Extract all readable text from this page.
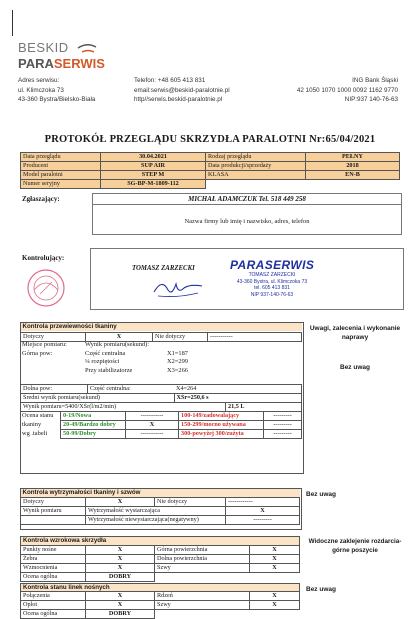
BESKID
PARASERWIS
Adres serwisu:
ul. Klimczoka 73
43-360 Bystra/Bielsko-Biała
Telefon: +48 605 413 831
email:serwis@beskid-paralotnie.pl
http//serwis.beskid-paralotnie.pl
ING Bank Śląski
42 1050 1070 1000 0092 1162 9770
NIP:937 140-76-63
PROTOKÓŁ PRZEGLĄDU SKRZYDŁA PARALOTNI Nr:65/04/2021
Data przeglądu	30.04.2021	Rodzaj przeglądu	PEŁNY
Producent	SUP AIR	Data produkcji/sprzedaży	2018
Model paralotni	STEP M	KLASA	EN-B
Numer seryjny	SG-BP-M-1809-112		
Zgłaszający:	MICHAŁ ADAMCZUK Tel. 518 449 258
Nazwa firmy lub imię i nazwisko, adres, telefon
Kontrolujący:
TOMASZ ZARZECKI	PARASERWIS
TOMASZ ZARZECKI
43-360 Bystra, ul. Klimczoka 73
tel. 605 413 831
NIP 937-140-76-63
Kontrola przewiewności tkaniny	Uwagi, zalecenia i wykonanie naprawy
Bez uwag
Dotyczy	X	Nie dotyczy	-----------
Miejsce pomiaru:
Górna pow:
Wynik pomiaru(sekund):
Część centralna	X1=187
¼ rozpiętości	X2=299
Przy stabilizatorze	X3=266
Dolna pow:	Część centralna:	X4=264
Średni wynik pomiaru(sekund)		XŚr=250,6 s
Wynik pomiaru=5400/XŚr(l/m2/min)	21,5 L
Ocena stanu
tkaniny
wg .tabeli
0-19/Nowa	-----------	100-149/zadowalający	---------
20-49/Bardzo dobry	X	150-299/mocno używana	---------
50-99/Dobry	-----------	300-powyżej 300/zużyta	---------
Kontrola wytrzymałości tkaniny i szwów	Bez uwag
Dotyczy	X	Nie dotyczy	------------
Wynik pomiaru	Wytrzymałość wystarczająca		X
	Wytrzymałość niewystarczająca(negatywny)		---------
Kontrola wzrokowa skrzydła			
Punkty nośne	X	Górna powierzchnia	X
Żebra	X	Dolna powierzchnia	X
Wzmocnienia	X	Szwy	X
Ocena ogólna	DOBRY		
Widoczne zaklejenie rozdarcia- górne poszycie
Kontrola stanu linek nośnych
Połączenia	X	Rdzeń	X
Oplot	X	Szwy	X
Ocena ogólna	DOBRY		
Bez uwag
